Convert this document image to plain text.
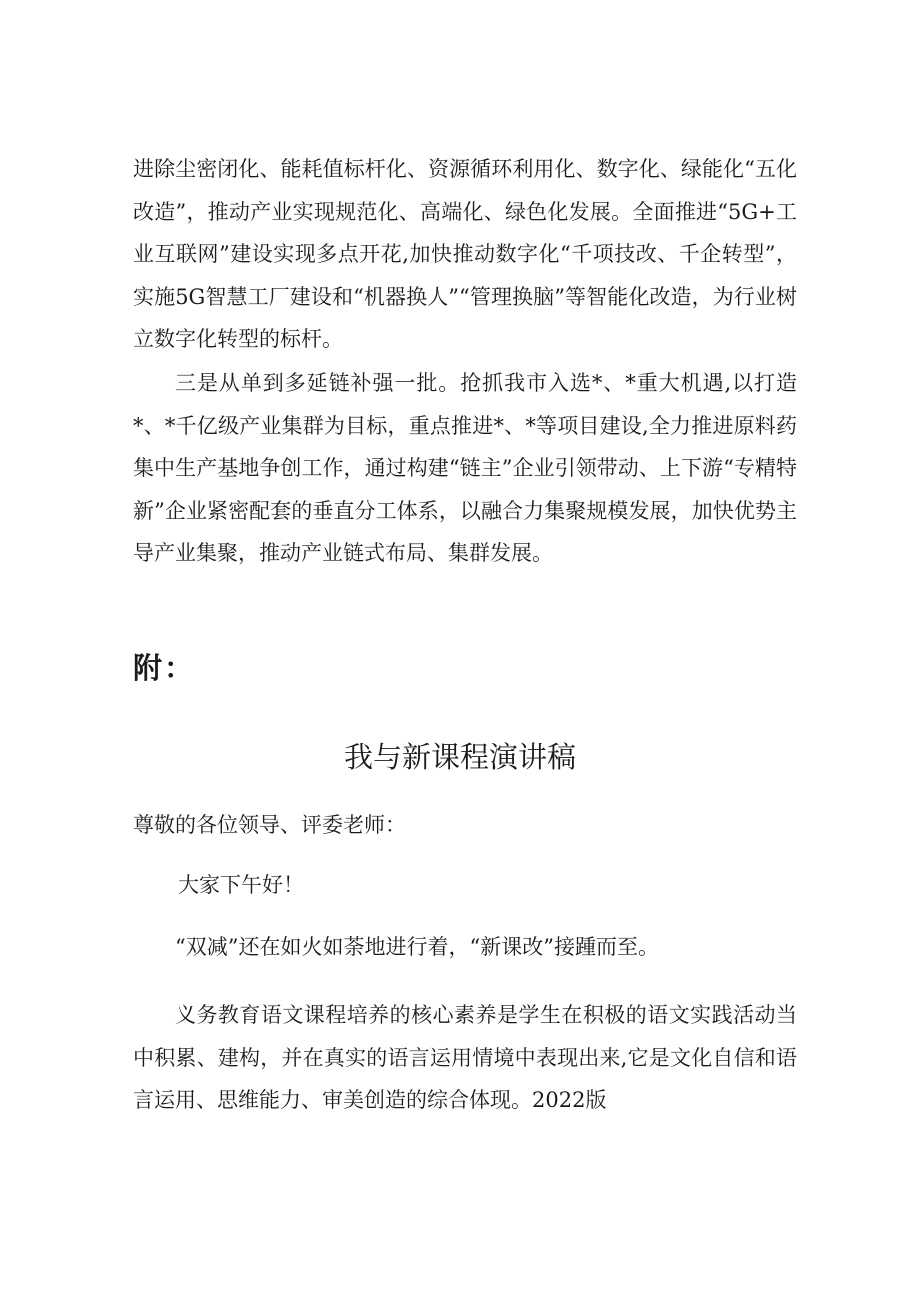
进除尘密闭化、能耗值标杆化、资源循环利用化、数字化、绿能化“五化改造”，推动产业实现规范化、高端化、绿色化发展。全面推进“5G+工业互联网”建设实现多点开花,加快推动数字化“千项技改、千企转型”，实施5G智慧工厂建设和“机器换人”“管理换脑”等智能化改造，为行业树立数字化转型的标杆。

三是从单到多延链补强一批。抢抓我市入选*、*重大机遇,以打造*、*千亿级产业集群为目标，重点推进*、*等项目建设,全力推进原料药集中生产基地争创工作，通过构建“链主”企业引领带动、上下游“专精特新”企业紧密配套的垂直分工体系，以融合力集聚规模发展，加快优势主导产业集聚，推动产业链式布局、集群发展。

附：
我与新课程演讲稿

尊敬的各位领导、评委老师：

大家下午好！

“双减”还在如火如荼地进行着，“新课改”接踵而至。

义务教育语文课程培养的核心素养是学生在积极的语文实践活动当中积累、建构，并在真实的语言运用情境中表现出来,它是文化自信和语言运用、思维能力、审美创造的综合体现。2022版
